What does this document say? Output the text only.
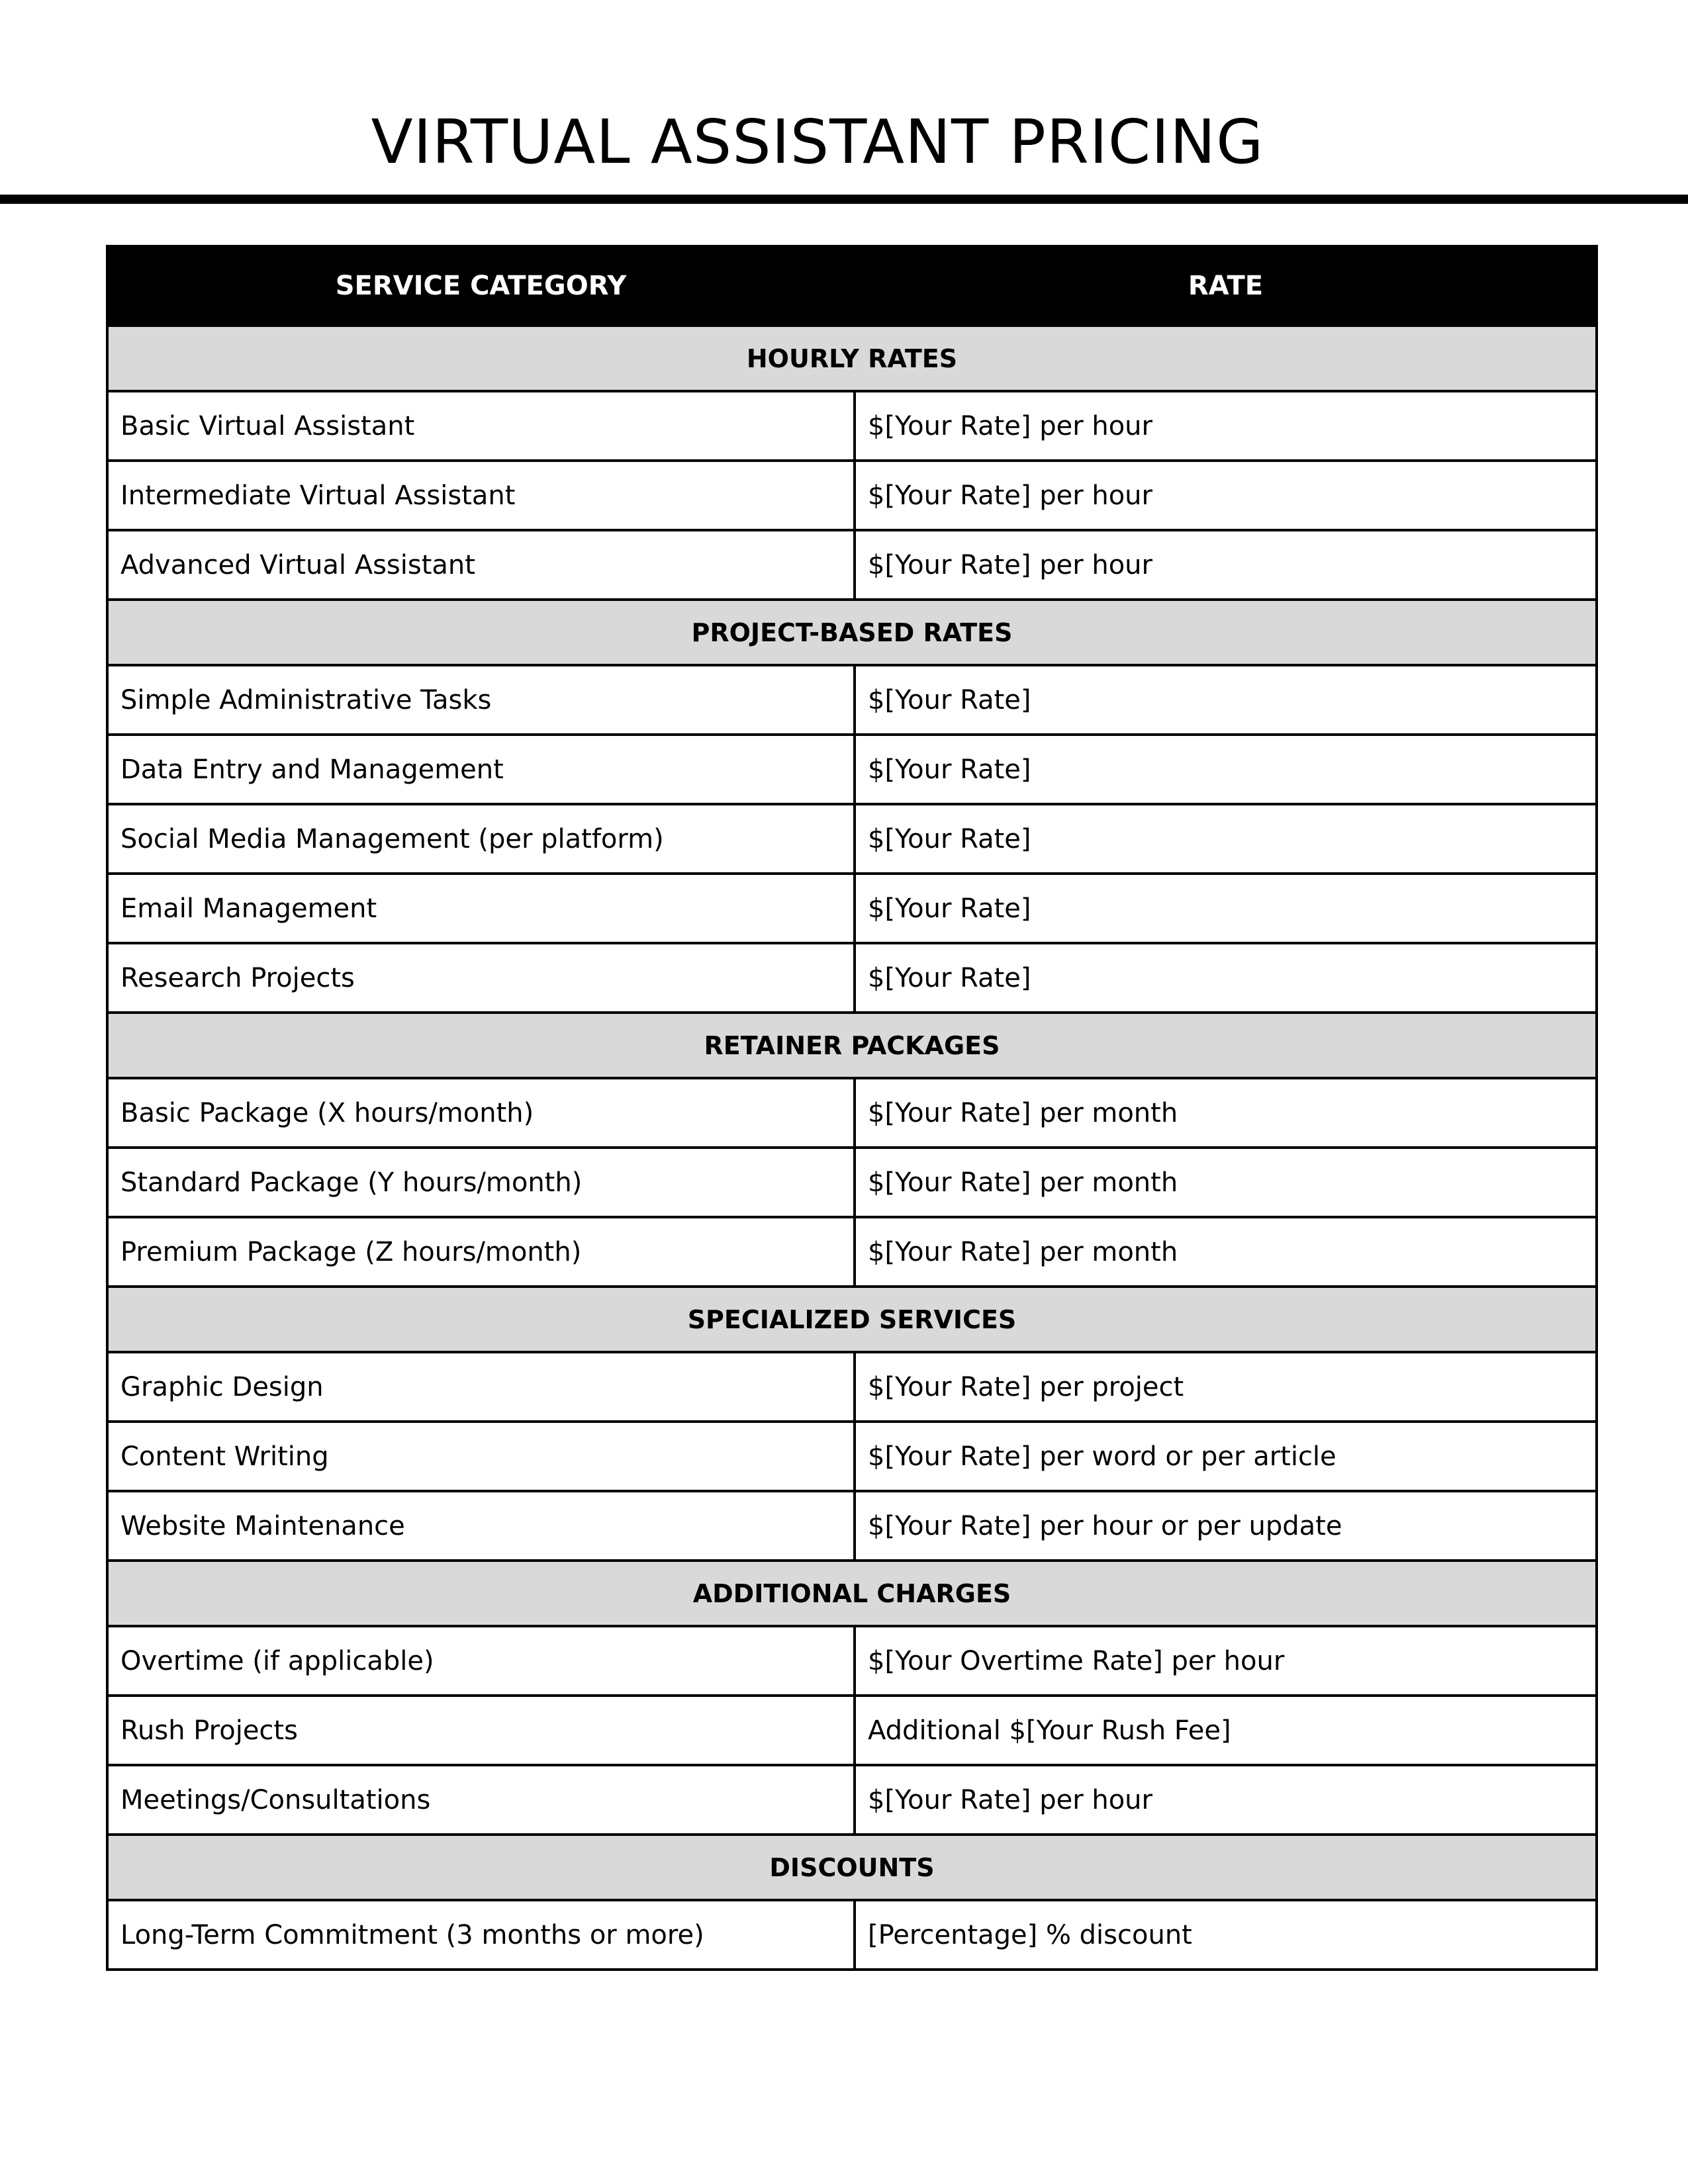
VIRTUAL ASSISTANT PRICING
SERVICE CATEGORY	RATE
HOURLY RATES	
Basic Virtual Assistant	$[Your Rate] per hour
Intermediate Virtual Assistant	$[Your Rate] per hour
Advanced Virtual Assistant	$[Your Rate] per hour
PROJECT-BASED RATES	
Simple Administrative Tasks	$[Your Rate]
Data Entry and Management	$[Your Rate]
Social Media Management (per platform)	$[Your Rate]
Email Management	$[Your Rate]
Research Projects	$[Your Rate]
RETAINER PACKAGES	
Basic Package (X hours/month)	$[Your Rate] per month
Standard Package (Y hours/month)	$[Your Rate] per month
Premium Package (Z hours/month)	$[Your Rate] per month
SPECIALIZED SERVICES	
Graphic Design	$[Your Rate] per project
Content Writing	$[Your Rate] per word or per article
Website Maintenance	$[Your Rate] per hour or per update
ADDITIONAL CHARGES	
Overtime (if applicable)	$[Your Overtime Rate] per hour
Rush Projects	Additional $[Your Rush Fee]
Meetings/Consultations	$[Your Rate] per hour
DISCOUNTS	
Long-Term Commitment (3 months or more)	[Percentage] % discount
